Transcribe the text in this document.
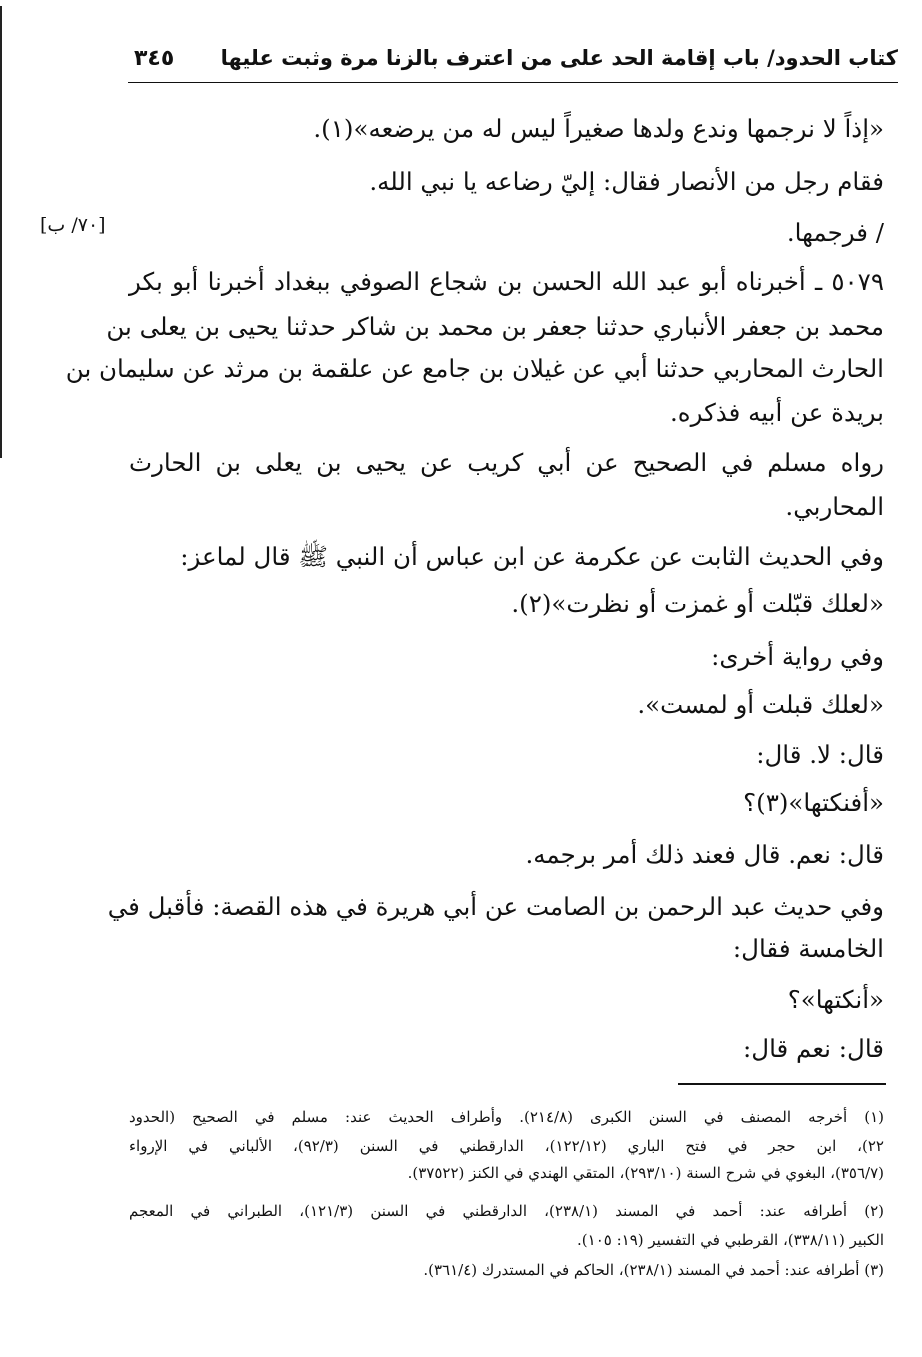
كتاب الحدود/ باب إقامة الحد على من اعترف بالزنا مرة وثبت عليها
٣٤٥
[٧٠/ ب]
«إذاً لا نرجمها وندع ولدها صغيراً ليس له من يرضعه»(١).
فقام رجل من الأنصار فقال: إليّ رضاعه يا نبي الله.
/ فرجمها.
٥٠٧٩ ـ أخبرناه أبو عبد الله الحسن بن شجاع الصوفي ببغداد أخبرنا أبو بكر
محمد بن جعفر الأنباري حدثنا جعفر بن محمد بن شاكر حدثنا يحيى بن يعلى بن
الحارث المحاربي حدثنا أبي عن غيلان بن جامع عن علقمة بن مرثد عن سليمان بن
بريدة عن أبيه فذكره.
رواه مسلم في الصحيح عن أبي كريب عن يحيى بن يعلى بن الحارث
المحاربي.
وفي الحديث الثابت عن عكرمة عن ابن عباس أن النبي ﷺ قال لماعز:
«لعلك قبّلت أو غمزت أو نظرت»(٢).
وفي رواية أخرى:
«لعلك قبلت أو لمست».
قال: لا. قال:
«أفنكتها»(٣)؟
قال: نعم. قال فعند ذلك أمر برجمه.
وفي حديث عبد الرحمن بن الصامت عن أبي هريرة في هذه القصة: فأقبل في
الخامسة فقال:
«أنكتها»؟
قال: نعم قال:
(١) أخرجه المصنف في السنن الكبرى (٢١٤/٨). وأطراف الحديث عند: مسلم في الصحيح (الحدود
٢٢)، ابن حجر في فتح الباري (١٢٢/١٢)، الدارقطني في السنن (٩٢/٣)، الألباني في الإرواء
(٣٥٦/٧)، البغوي في شرح السنة (٢٩٣/١٠)، المتقي الهندي في الكنز (٣٧٥٢٢).
(٢) أطرافه عند: أحمد في المسند (٢٣٨/١)، الدارقطني في السنن (١٢١/٣)، الطبراني في المعجم
الكبير (٣٣٨/١١)، القرطبي في التفسير (١٩: ١٠٥).
(٣) أطرافه عند: أحمد في المسند (٢٣٨/١)، الحاكم في المستدرك (٣٦١/٤).
